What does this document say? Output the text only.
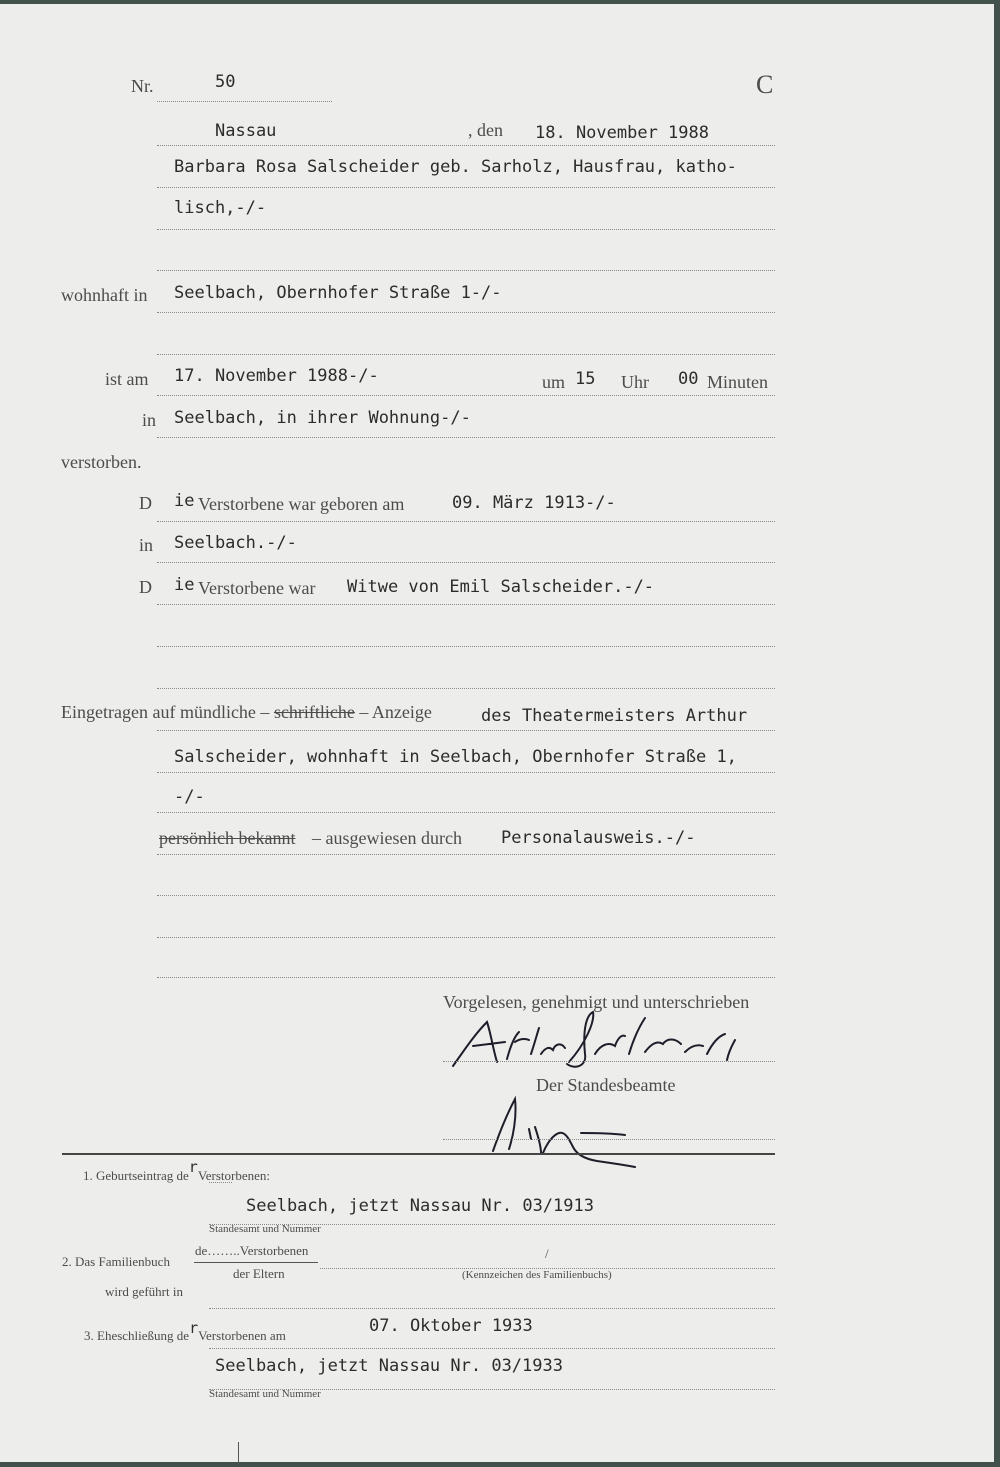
Nr.	50	C
Nassau	, den 18. November 1988
Barbara Rosa Salscheider geb. Sarholz, Hausfrau, katho-
lisch,-/-
wohnhaft in Seelbach, Obernhofer Straße 1-/-
ist am 17. November 1988-/-	um 15 Uhr 00 Minuten
in Seelbach, in ihrer Wohnung-/-
verstorben.
D ie Verstorbene war geboren am	09. März 1913-/-
in Seelbach.-/-
D ie Verstorbene war Witwe von Emil Salscheider.-/-
Eingetragen auf mündliche – schriftliche – Anzeige	des Theatermeisters Arthur
Salscheider, wohnhaft in Seelbach, Obernhofer Straße 1,
-/-
persönlich bekannt – ausgewiesen durch Personalausweis.-/-
Vorgelesen, genehmigt und unterschrieben
Der Standesbeamte
1. Geburtseintrag derVerstorbenen:
Seelbach, jetzt Nassau Nr. 03/1913
Standesamt und Nummer
2. Das Familienbuch
de……..Verstorbenen
der Eltern
/
(Kennzeichen des Familienbuchs)
wird geführt in
3. Eheschließung derVerstorbenen am	07. Oktober 1933
Seelbach, jetzt Nassau Nr. 03/1933
Standesamt und Nummer
